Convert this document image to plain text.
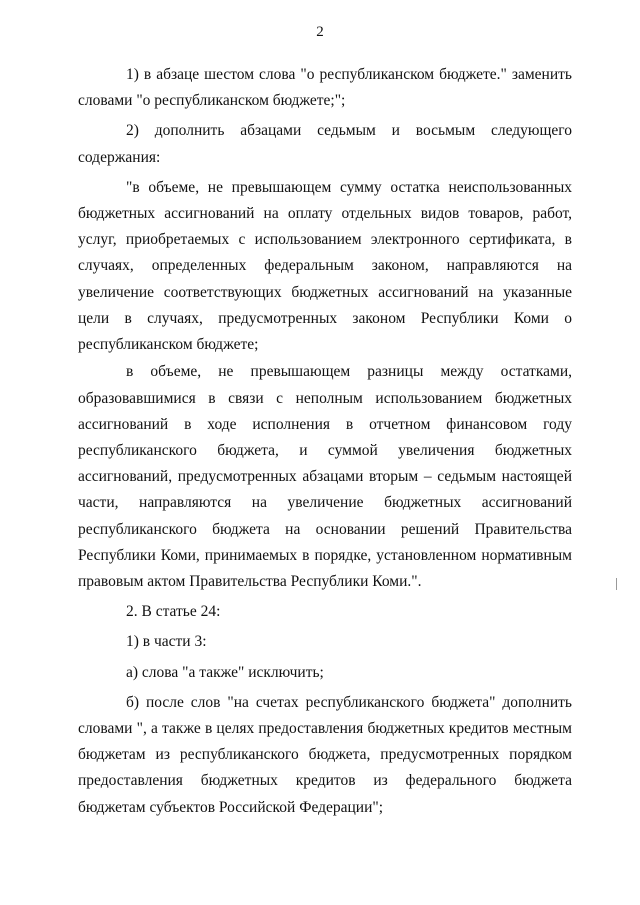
2

1) в абзаце шестом слова "о республиканском бюджете." заменить словами "о республиканском бюджете;";

2) дополнить абзацами седьмым и восьмым следующего содержания:

"в объеме, не превышающем сумму остатка неиспользованных бюджетных ассигнований на оплату отдельных видов товаров, работ, услуг, приобретаемых с использованием электронного сертификата, в случаях, определенных федеральным законом, направляются на увеличение соответствующих бюджетных ассигнований на указанные цели в случаях, предусмотренных законом Республики Коми о республиканском бюджете;

в объеме, не превышающем разницы между остатками, образовавшимися в связи с неполным использованием бюджетных ассигнований в ходе исполнения в отчетном финансовом году республиканского бюджета, и суммой увеличения бюджетных ассигнований, предусмотренных абзацами вторым – седьмым настоящей части, направляются на увеличение бюджетных ассигнований республиканского бюджета на основании решений Правительства Республики Коми, принимаемых в порядке, установленном нормативным правовым актом Правительства Республики Коми.".

2. В статье 24:

1) в части 3:

а) слова "а также" исключить;

б) после слов "на счетах республиканского бюджета" дополнить словами ", а также в целях предоставления бюджетных кредитов местным бюджетам из республиканского бюджета, предусмотренных порядком предоставления бюджетных кредитов из федерального бюджета бюджетам субъектов Российской Федерации";
